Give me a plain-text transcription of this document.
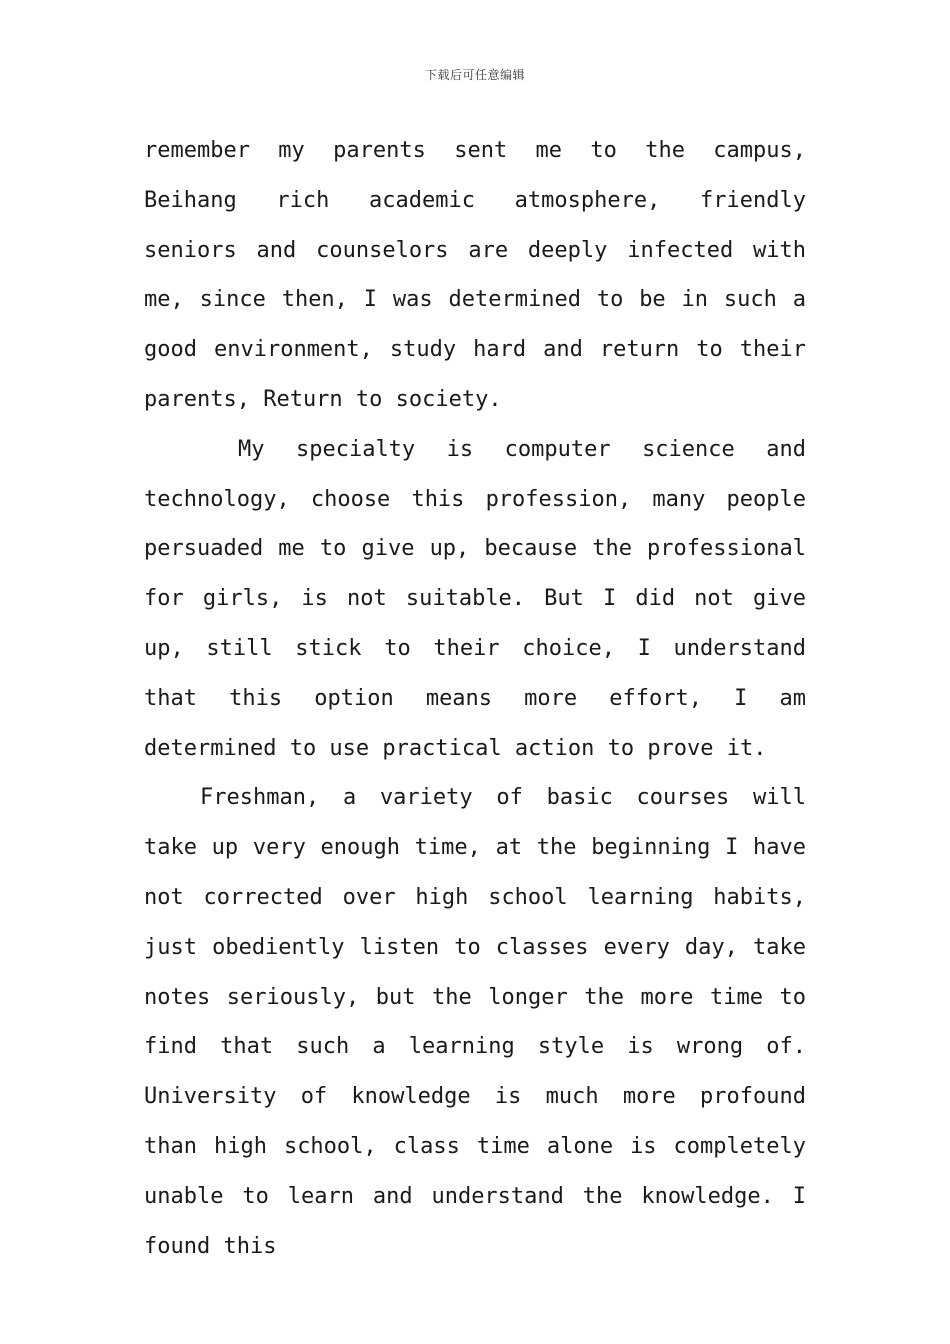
下载后可任意编辑

remember my parents sent me to the campus, Beihang rich academic atmosphere, friendly seniors and counselors are deeply infected with me, since then, I was determined to be in such a good environment, study hard and return to their parents, Return to society.

My specialty is computer science and technology, choose this profession, many people persuaded me to give up, because the professional for girls, is not suitable. But I did not give up, still stick to their choice, I understand that this option means more effort, I am determined to use practical action to prove it.

Freshman, a variety of basic courses will take up very enough time, at the beginning I have not corrected over high school learning habits, just obediently listen to classes every day, take notes seriously, but the longer the more time to find that such a learning style is wrong of. University of knowledge is much more profound than high school, class time alone is completely unable to learn and understand the knowledge. I found this
